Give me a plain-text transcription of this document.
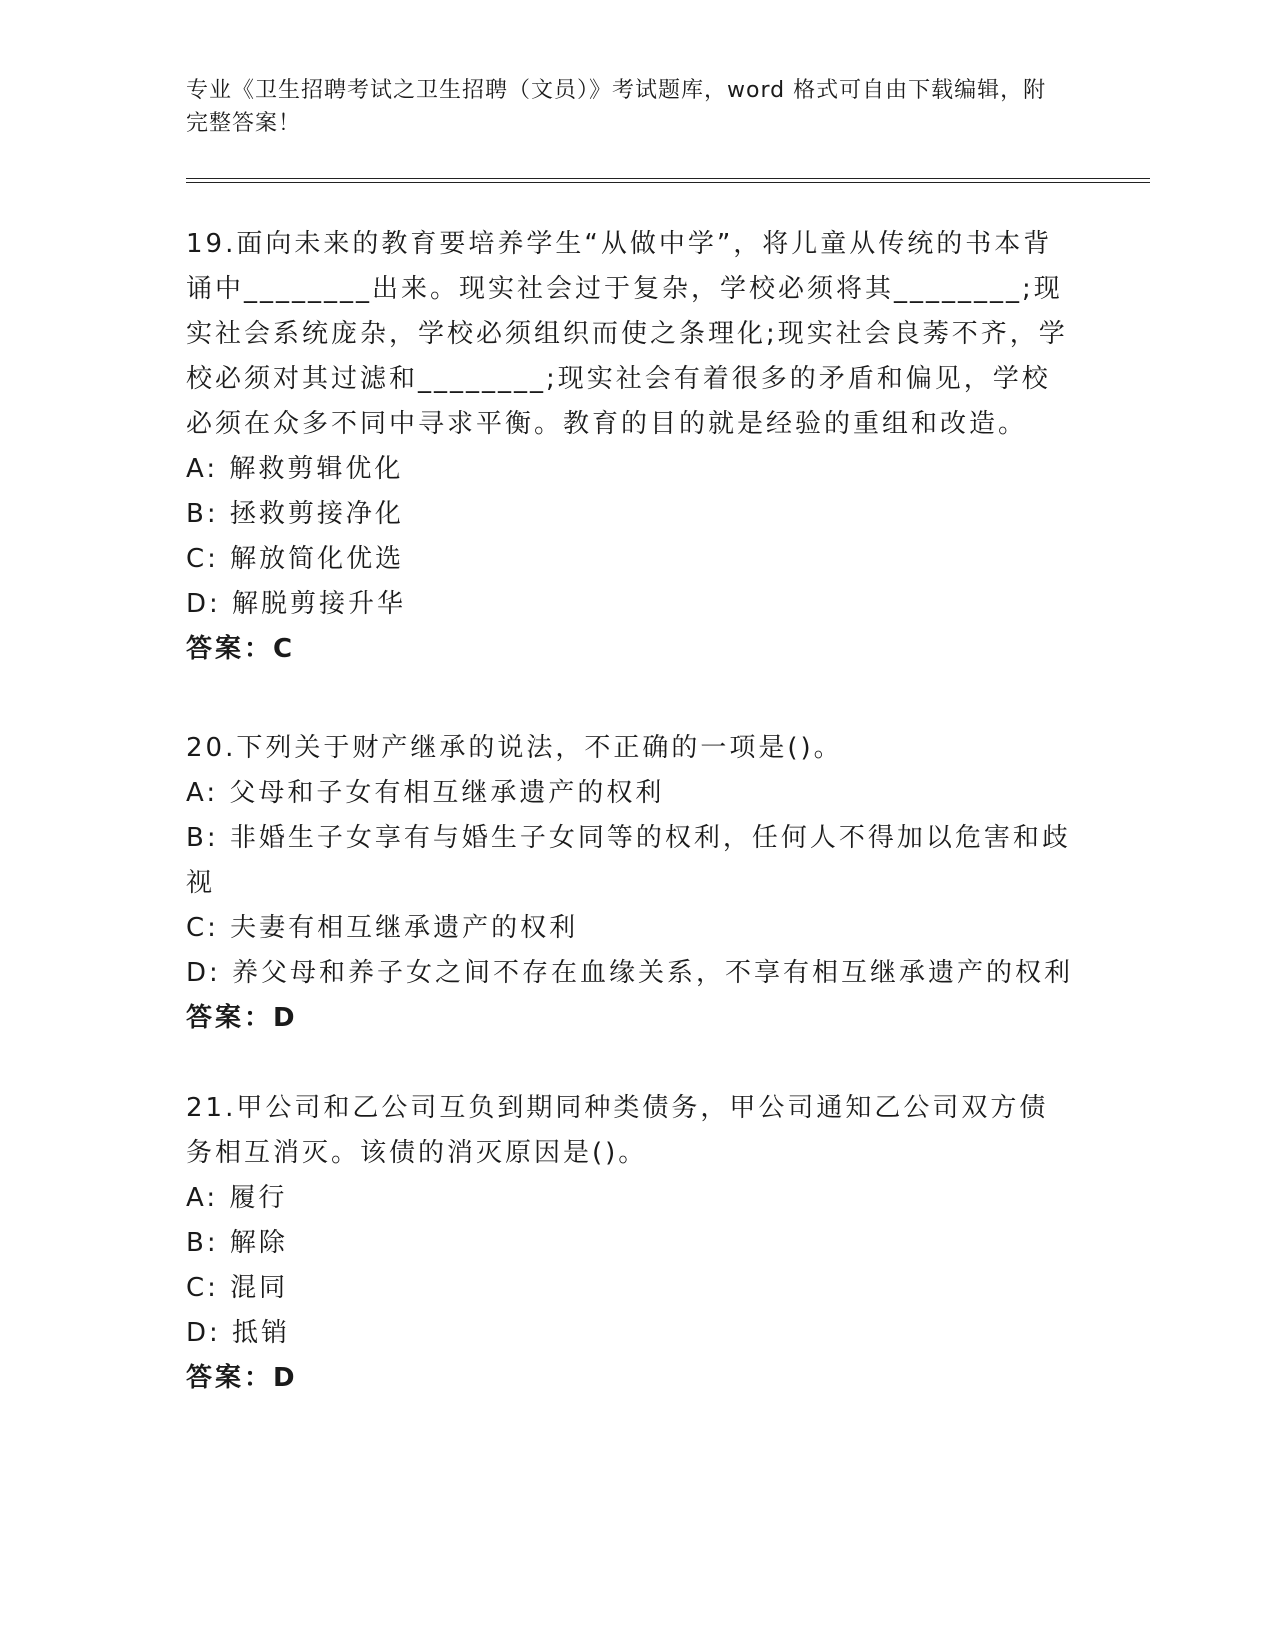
专业《卫生招聘考试之卫生招聘（文员）》考试题库，word 格式可自由下载编辑，附完整答案！

19.面向未来的教育要培养学生“从做中学”，将儿童从传统的书本背诵中________出来。现实社会过于复杂，学校必须将其________;现实社会系统庞杂，学校必须组织而使之条理化;现实社会良莠不齐，学校必须对其过滤和________;现实社会有着很多的矛盾和偏见，学校必须在众多不同中寻求平衡。教育的目的就是经验的重组和改造。

A: 解救剪辑优化

B: 拯救剪接净化

C: 解放简化优选

D: 解脱剪接升华

答案：C

20.下列关于财产继承的说法，不正确的一项是()。

A: 父母和子女有相互继承遗产的权利

B: 非婚生子女享有与婚生子女同等的权利，任何人不得加以危害和歧视

C: 夫妻有相互继承遗产的权利

D: 养父母和养子女之间不存在血缘关系，不享有相互继承遗产的权利

答案：D

21.甲公司和乙公司互负到期同种类债务，甲公司通知乙公司双方债务相互消灭。该债的消灭原因是()。

A: 履行

B: 解除

C: 混同

D: 抵销

答案：D
